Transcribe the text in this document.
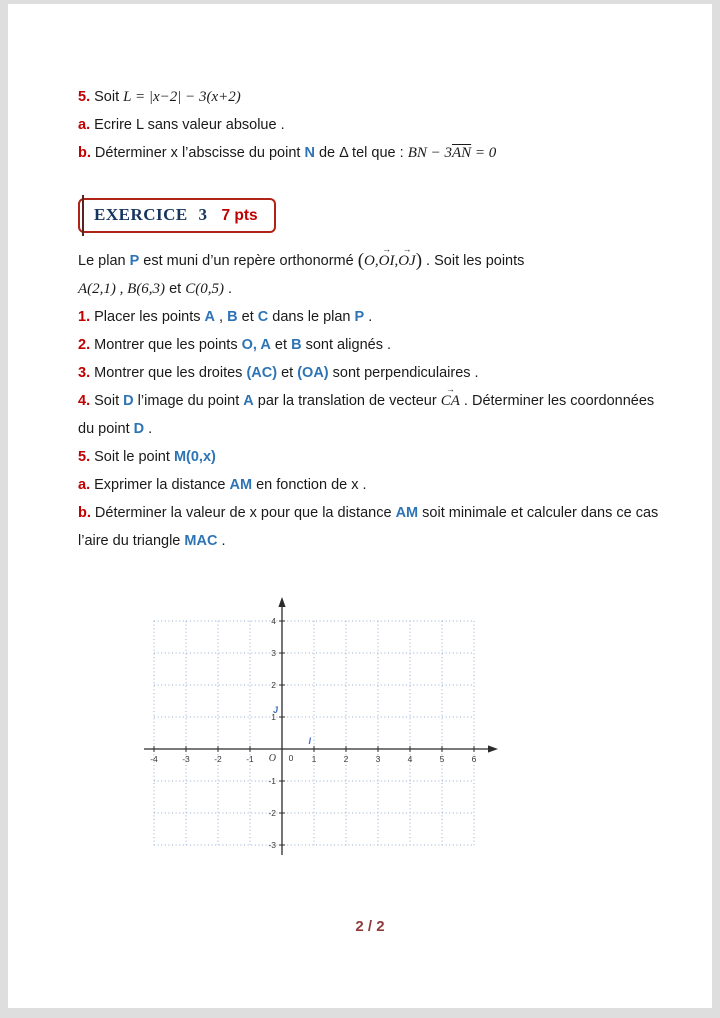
5. Soit L = |x−2| − 3(x+2)

a. Ecrire L sans valeur absolue .

b. Déterminer x l’abscisse du point N de Δ tel que : BN − $3\overline{AN} = 0$

EXERCICE 3 7 pts

Le plan P est muni d’un repère orthonormé (O,OI →,OJ →) . Soit les points

A(2,1) , B(6,3) et C(0,5) .

1. Placer les points A , B et C dans le plan P .

2. Montrer que les points O, A et B sont alignés .

3. Montrer que les droites (AC) et (OA) sont perpendiculaires .

4. Soit D l’image du point A par la translation de vecteur CA → . Déterminer les coordonnées

du point D .

5. Soit le point M(0,x)

a. Exprimer la distance AM en fonction de x .

b. Déterminer la valeur de x pour que la distance AM soit minimale et calculer dans ce cas

l’aire du triangle MAC .

-4	-3	-2	-1	1	2	3	4	5	6
-3
-2
-1
1
2
3
4
O 0
J
I
2 / 2
